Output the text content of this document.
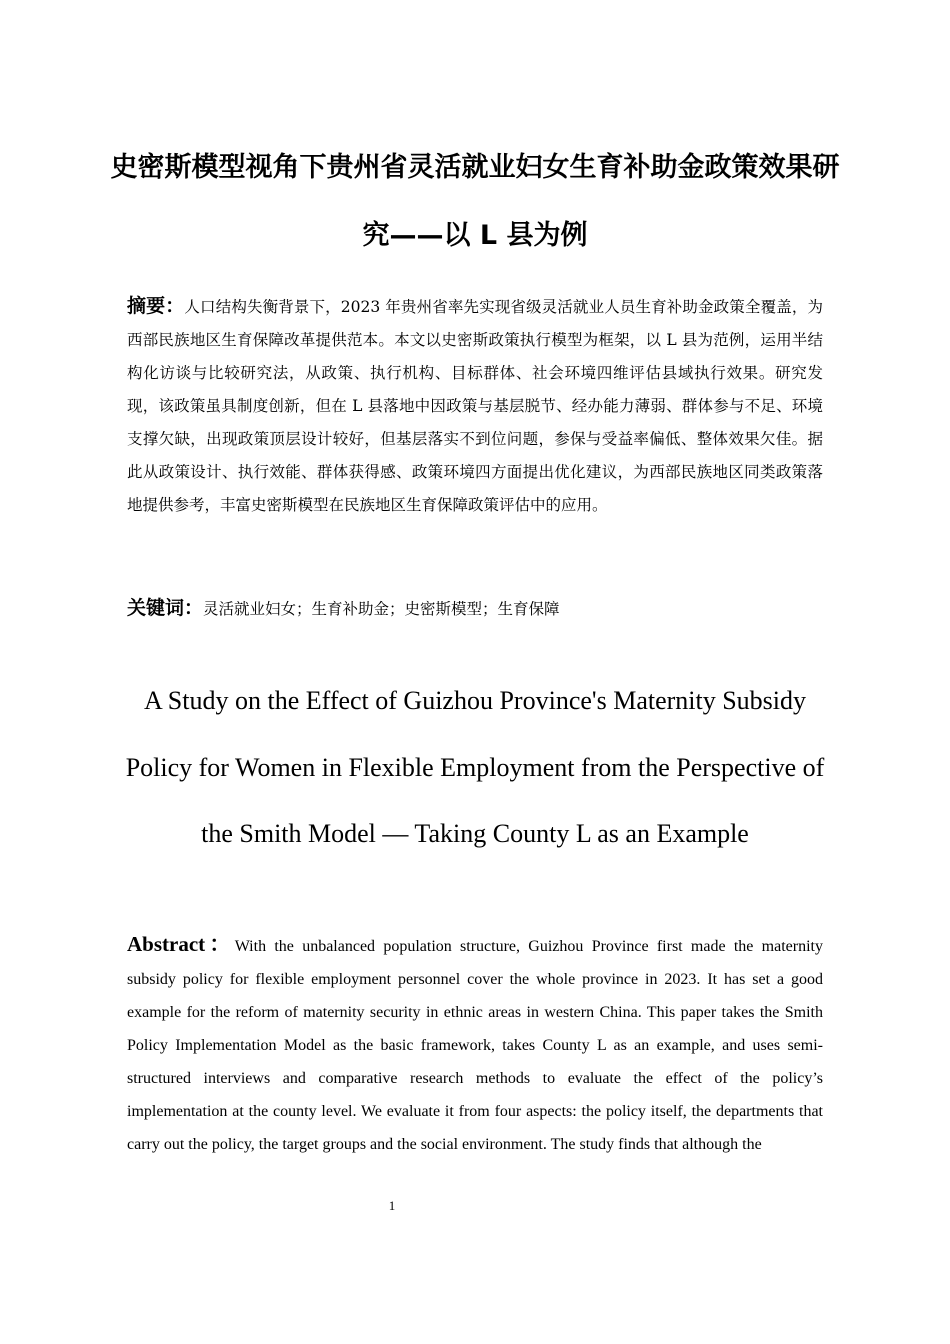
史密斯模型视角下贵州省灵活就业妇女生育补助金政策效果研究——以 L 县为例

摘要：人口结构失衡背景下，2023 年贵州省率先实现省级灵活就业人员生育补助金政策全覆盖，为西部民族地区生育保障改革提供范本。本文以史密斯政策执行模型为框架，以 L 县为范例，运用半结构化访谈与比较研究法，从政策、执行机构、目标群体、社会环境四维评估县域执行效果。研究发现，该政策虽具制度创新，但在 L 县落地中因政策与基层脱节、经办能力薄弱、群体参与不足、环境支撑欠缺，出现政策顶层设计较好，但基层落实不到位问题，参保与受益率偏低、整体效果欠佳。据此从政策设计、执行效能、群体获得感、政策环境四方面提出优化建议，为西部民族地区同类政策落地提供参考，丰富史密斯模型在民族地区生育保障政策评估中的应用。

关键词：灵活就业妇女；生育补助金；史密斯模型；生育保障

A Study on the Effect of Guizhou Province's Maternity Subsidy Policy for Women in Flexible Employment from the Perspective of the Smith Model — Taking County L as an Example

Abstract：With the unbalanced population structure, Guizhou Province first made the maternity subsidy policy for flexible employment personnel cover the whole province in 2023. It has set a good example for the reform of maternity security in ethnic areas in western China. This paper takes the Smith Policy Implementation Model as the basic framework, takes County L as an example, and uses semi-structured interviews and comparative research methods to evaluate the effect of the policy’s implementation at the county level. We evaluate it from four aspects: the policy itself, the departments that carry out the policy, the target groups and the social environment. The study finds that although the

1
